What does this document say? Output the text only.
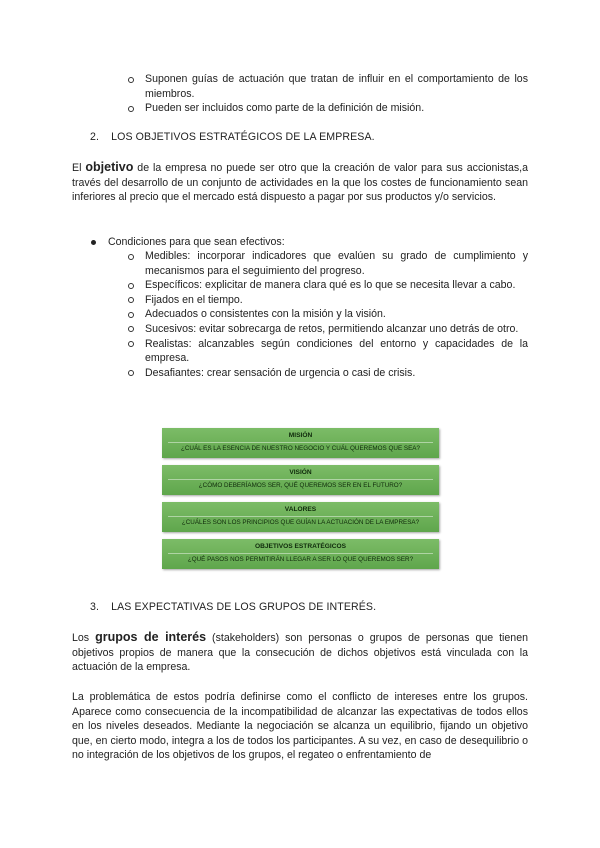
Suponen guías de actuación que tratan de influir en el comportamiento de los miembros.
Pueden ser incluidos como parte de la definición de misión.
2. LOS OBJETIVOS ESTRATÉGICOS DE LA EMPRESA.

El objetivo de la empresa no puede ser otro que la creación de valor para sus accionistas,a través del desarrollo de un conjunto de actividades en la que los costes de funcionamiento sean inferiores al precio que el mercado está dispuesto a pagar por sus productos y/o servicios.

Condiciones para que sean efectivos:
Medibles: incorporar indicadores que evalúen su grado de cumplimiento y mecanismos para el seguimiento del progreso.
Específicos: explicitar de manera clara qué es lo que se necesita llevar a cabo.
Fijados en el tiempo.
Adecuados o consistentes con la misión y la visión.
Sucesivos: evitar sobrecarga de retos, permitiendo alcanzar uno detrás de otro.
Realistas: alcanzables según condiciones del entorno y capacidades de la empresa.
Desafiantes: crear sensación de urgencia o casi de crisis.
MISIÓN
¿CUÁL ES LA ESENCIA DE NUESTRO NEGOCIO Y CUÁL QUEREMOS QUE SEA?
VISIÓN
¿CÓMO DEBERÍAMOS SER, QUÉ QUEREMOS SER EN EL FUTURO?
VALORES
¿CUÁLES SON LOS PRINCIPIOS QUE GUÍAN LA ACTUACIÓN DE LA EMPRESA?
OBJETIVOS ESTRATÉGICOS
¿QUÉ PASOS NOS PERMITIRÁN LLEGAR A SER LO QUE QUEREMOS SER?
3. LAS EXPECTATIVAS DE LOS GRUPOS DE INTERÉS.

Los grupos de interés (stakeholders) son personas o grupos de personas que tienen objetivos propios de manera que la consecución de dichos objetivos está vinculada con la actuación de la empresa.

La problemática de estos podría definirse como el conflicto de intereses entre los grupos. Aparece como consecuencia de la incompatibilidad de alcanzar las expectativas de todos ellos en los niveles deseados. Mediante la negociación se alcanza un equilibrio, fijando un objetivo que, en cierto modo, integra a los de todos los participantes. A su vez, en caso de desequilibrio o no integración de los objetivos de los grupos, el regateo o enfrentamiento de
